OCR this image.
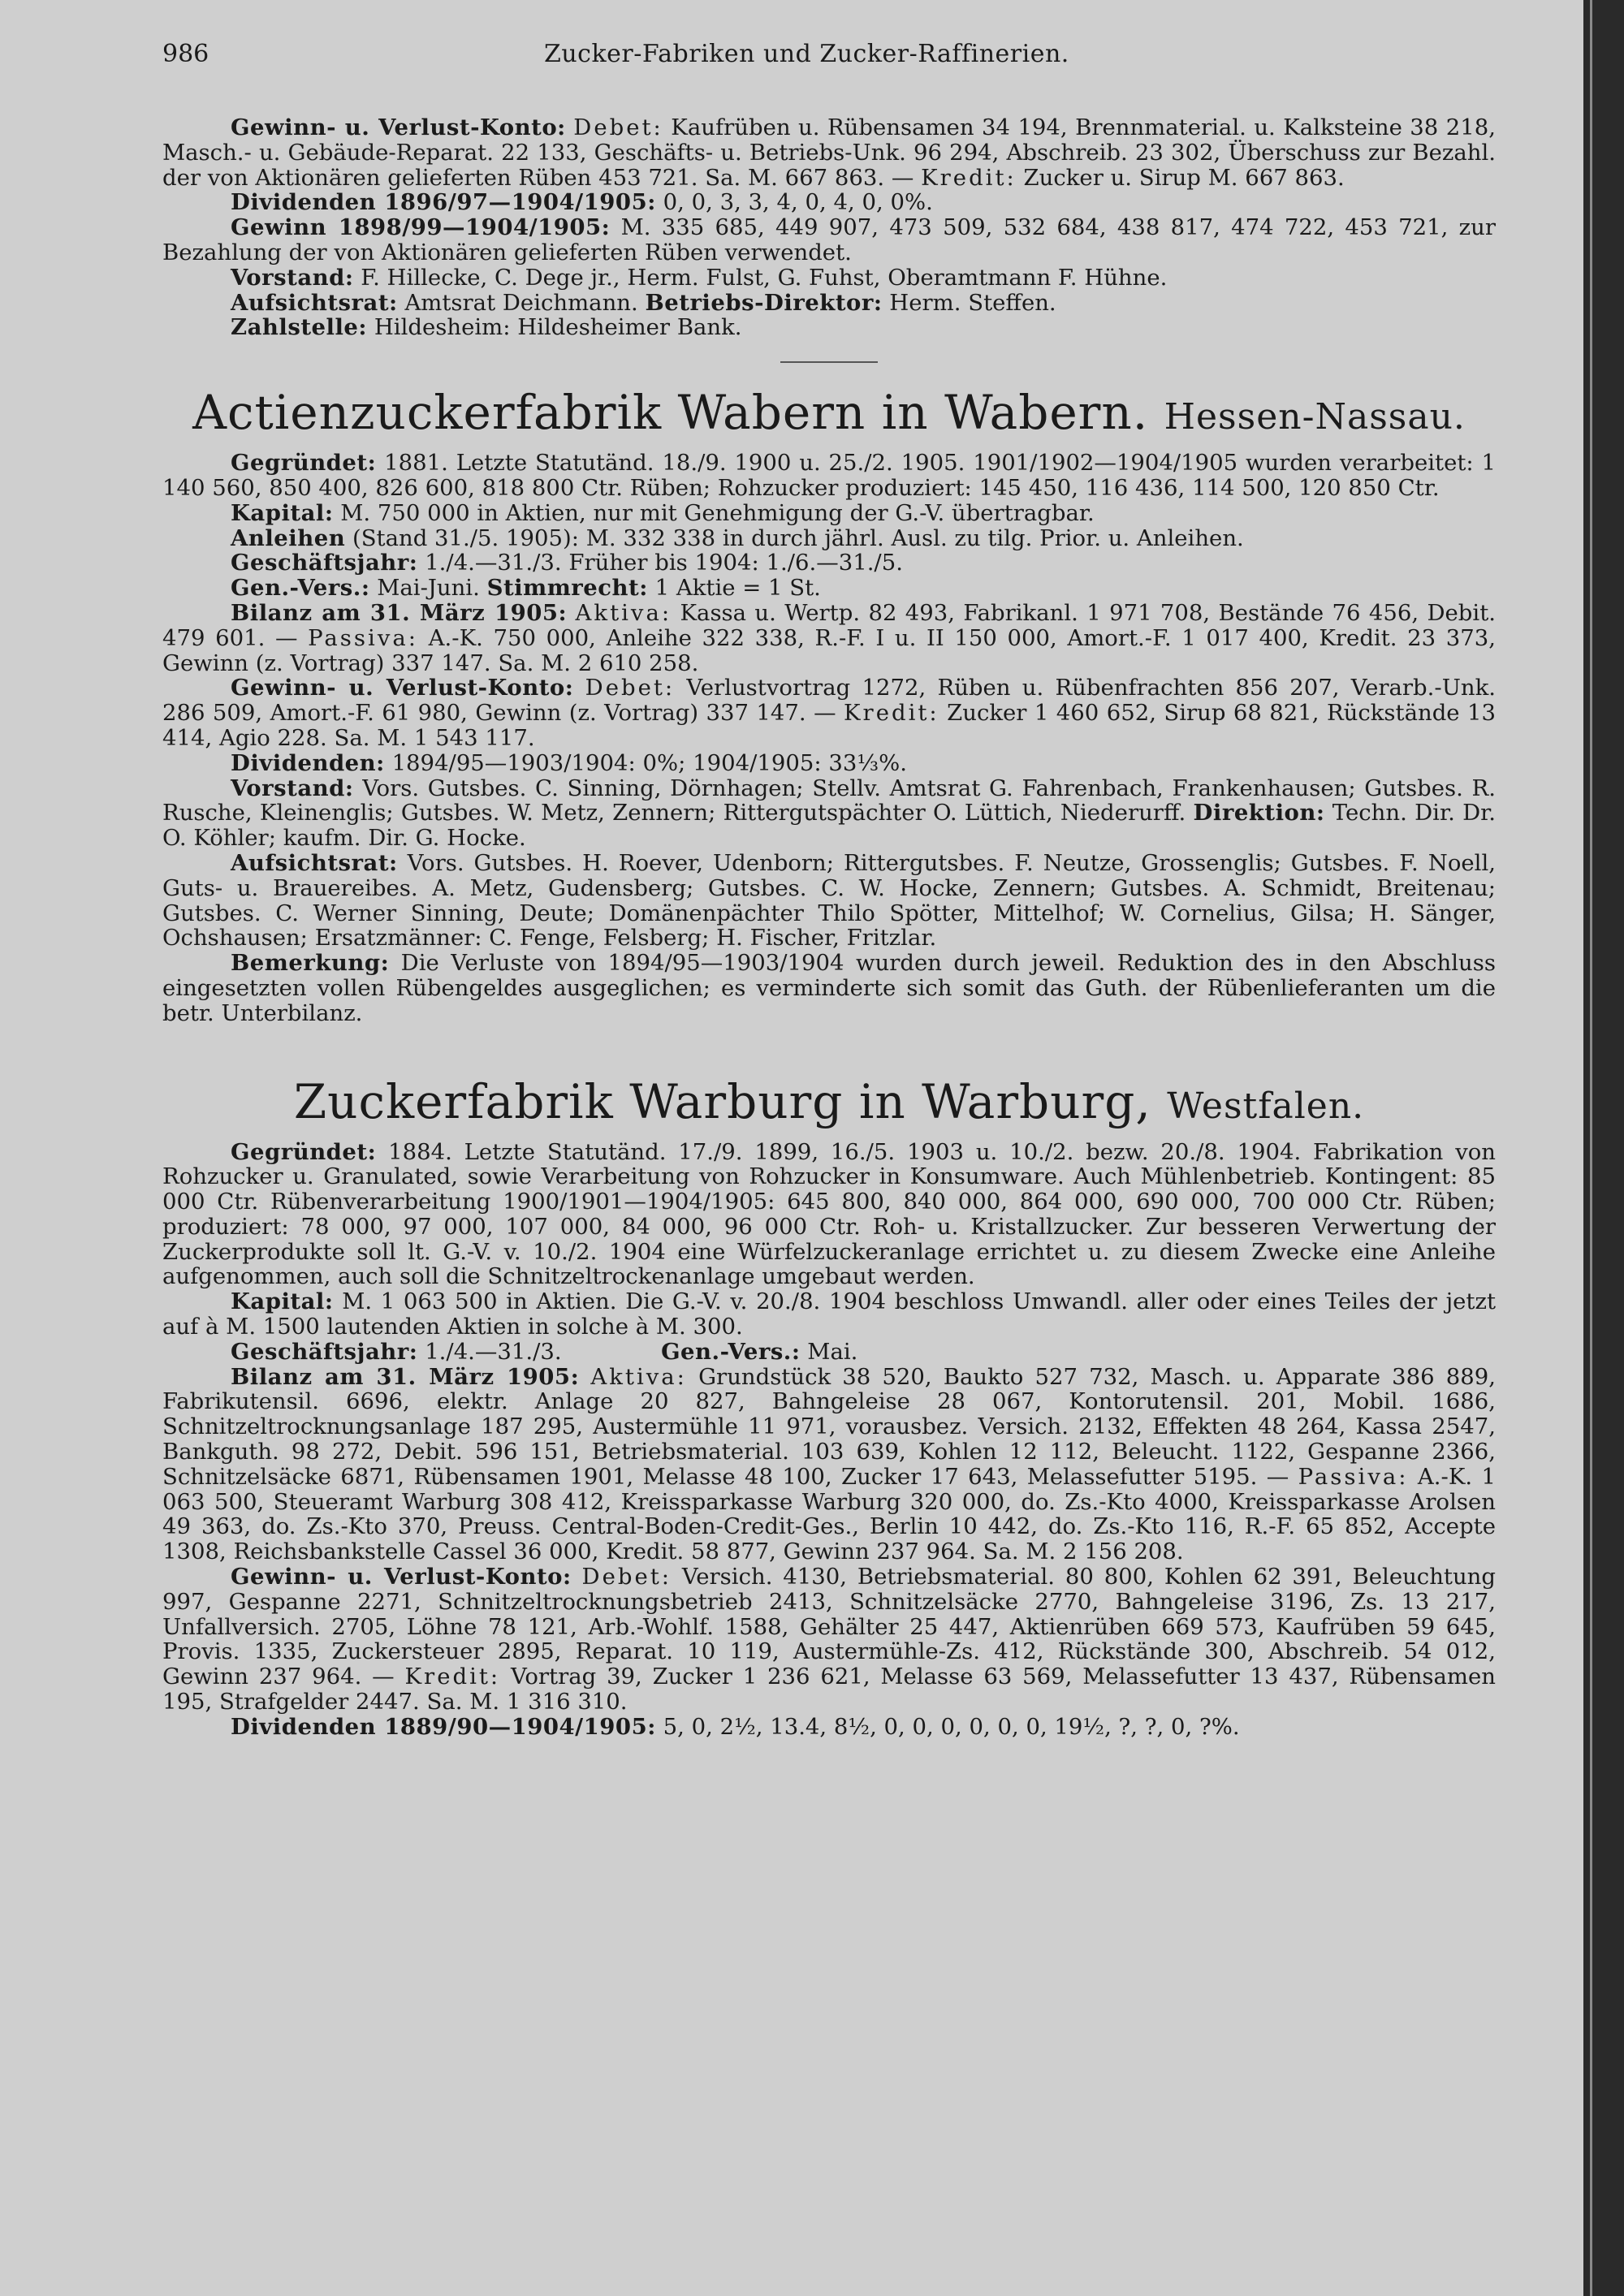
986	Zucker-Fabriken und Zucker-Raffinerien.

Gewinn- u. Verlust-Konto: Debet: Kaufrüben u. Rübensamen 34 194, Brennmaterial. u. Kalksteine 38 218, Masch.- u. Gebäude-Reparat. 22 133, Geschäfts- u. Betriebs-Unk. 96 294, Abschreib. 23 302, Überschuss zur Bezahl. der von Aktionären gelieferten Rüben 453 721. Sa. M. 667 863. — Kredit: Zucker u. Sirup M. 667 863.

Dividenden 1896/97—1904/1905: 0, 0, 3, 3, 4, 0, 4, 0, 0%.

Gewinn 1898/99—1904/1905: M. 335 685, 449 907, 473 509, 532 684, 438 817, 474 722, 453 721, zur Bezahlung der von Aktionären gelieferten Rüben verwendet.

Vorstand: F. Hillecke, C. Dege jr., Herm. Fulst, G. Fuhst, Oberamtmann F. Hühne.

Aufsichtsrat: Amtsrat Deichmann. Betriebs-Direktor: Herm. Steffen.

Zahlstelle: Hildesheim: Hildesheimer Bank.

Actienzuckerfabrik Wabern in Wabern. Hessen-Nassau.

Gegründet: 1881. Letzte Statutänd. 18./9. 1900 u. 25./2. 1905. 1901/1902—1904/1905 wurden verarbeitet: 1 140 560, 850 400, 826 600, 818 800 Ctr. Rüben; Rohzucker produziert: 145 450, 116 436, 114 500, 120 850 Ctr.

Kapital: M. 750 000 in Aktien, nur mit Genehmigung der G.-V. übertragbar.

Anleihen (Stand 31./5. 1905): M. 332 338 in durch jährl. Ausl. zu tilg. Prior. u. Anleihen.

Geschäftsjahr: 1./4.—31./3. Früher bis 1904: 1./6.—31./5.

Gen.-Vers.: Mai-Juni. Stimmrecht: 1 Aktie = 1 St.

Bilanz am 31. März 1905: Aktiva: Kassa u. Wertp. 82 493, Fabrikanl. 1 971 708, Bestände 76 456, Debit. 479 601. — Passiva: A.-K. 750 000, Anleihe 322 338, R.-F. I u. II 150 000, Amort.-F. 1 017 400, Kredit. 23 373, Gewinn (z. Vortrag) 337 147. Sa. M. 2 610 258.

Gewinn- u. Verlust-Konto: Debet: Verlustvortrag 1272, Rüben u. Rübenfrachten 856 207, Verarb.-Unk. 286 509, Amort.-F. 61 980, Gewinn (z. Vortrag) 337 147. — Kredit: Zucker 1 460 652, Sirup 68 821, Rückstände 13 414, Agio 228. Sa. M. 1 543 117.

Dividenden: 1894/95—1903/1904: 0%; 1904/1905: 33⅓%.

Vorstand: Vors. Gutsbes. C. Sinning, Dörnhagen; Stellv. Amtsrat G. Fahrenbach, Frankenhausen; Gutsbes. R. Rusche, Kleinenglis; Gutsbes. W. Metz, Zennern; Rittergutspächter O. Lüttich, Niederurff. Direktion: Techn. Dir. Dr. O. Köhler; kaufm. Dir. G. Hocke.

Aufsichtsrat: Vors. Gutsbes. H. Roever, Udenborn; Rittergutsbes. F. Neutze, Grossenglis; Gutsbes. F. Noell, Guts- u. Brauereibes. A. Metz, Gudensberg; Gutsbes. C. W. Hocke, Zennern; Gutsbes. A. Schmidt, Breitenau; Gutsbes. C. Werner Sinning, Deute; Domänenpächter Thilo Spötter, Mittelhof; W. Cornelius, Gilsa; H. Sänger, Ochshausen; Ersatzmänner: C. Fenge, Felsberg; H. Fischer, Fritzlar.

Bemerkung: Die Verluste von 1894/95—1903/1904 wurden durch jeweil. Reduktion des in den Abschluss eingesetzten vollen Rübengeldes ausgeglichen; es verminderte sich somit das Guth. der Rübenlieferanten um die betr. Unterbilanz.

Zuckerfabrik Warburg in Warburg, Westfalen.

Gegründet: 1884. Letzte Statutänd. 17./9. 1899, 16./5. 1903 u. 10./2. bezw. 20./8. 1904. Fabrikation von Rohzucker u. Granulated, sowie Verarbeitung von Rohzucker in Konsumware. Auch Mühlenbetrieb. Kontingent: 85 000 Ctr. Rübenverarbeitung 1900/1901—1904/1905: 645 800, 840 000, 864 000, 690 000, 700 000 Ctr. Rüben; produziert: 78 000, 97 000, 107 000, 84 000, 96 000 Ctr. Roh- u. Kristallzucker. Zur besseren Verwertung der Zuckerprodukte soll lt. G.-V. v. 10./2. 1904 eine Würfelzuckeranlage errichtet u. zu diesem Zwecke eine Anleihe aufgenommen, auch soll die Schnitzeltrockenanlage umgebaut werden.

Kapital: M. 1 063 500 in Aktien. Die G.-V. v. 20./8. 1904 beschloss Umwandl. aller oder eines Teiles der jetzt auf à M. 1500 lautenden Aktien in solche à M. 300.

Geschäftsjahr: 1./4.—31./3.	Gen.-Vers.: Mai.

Bilanz am 31. März 1905: Aktiva: Grundstück 38 520, Baukto 527 732, Masch. u. Apparate 386 889, Fabrikutensil. 6696, elektr. Anlage 20 827, Bahngeleise 28 067, Kontorutensil. 201, Mobil. 1686, Schnitzeltrocknungsanlage 187 295, Austermühle 11 971, vorausbez. Versich. 2132, Effekten 48 264, Kassa 2547, Bankguth. 98 272, Debit. 596 151, Betriebsmaterial. 103 639, Kohlen 12 112, Beleucht. 1122, Gespanne 2366, Schnitzelsäcke 6871, Rübensamen 1901, Melasse 48 100, Zucker 17 643, Melassefutter 5195. — Passiva: A.-K. 1 063 500, Steueramt Warburg 308 412, Kreissparkasse Warburg 320 000, do. Zs.-Kto 4000, Kreissparkasse Arolsen 49 363, do. Zs.-Kto 370, Preuss. Central-Boden-Credit-Ges., Berlin 10 442, do. Zs.-Kto 116, R.-F. 65 852, Accepte 1308, Reichsbankstelle Cassel 36 000, Kredit. 58 877, Gewinn 237 964. Sa. M. 2 156 208.

Gewinn- u. Verlust-Konto: Debet: Versich. 4130, Betriebsmaterial. 80 800, Kohlen 62 391, Beleuchtung 997, Gespanne 2271, Schnitzeltrocknungsbetrieb 2413, Schnitzelsäcke 2770, Bahngeleise 3196, Zs. 13 217, Unfallversich. 2705, Löhne 78 121, Arb.-Wohlf. 1588, Gehälter 25 447, Aktienrüben 669 573, Kaufrüben 59 645, Provis. 1335, Zuckersteuer 2895, Reparat. 10 119, Austermühle-Zs. 412, Rückstände 300, Abschreib. 54 012, Gewinn 237 964. — Kredit: Vortrag 39, Zucker 1 236 621, Melasse 63 569, Melassefutter 13 437, Rübensamen 195, Strafgelder 2447. Sa. M. 1 316 310.

Dividenden 1889/90—1904/1905: 5, 0, 2½, 13.4, 8½, 0, 0, 0, 0, 0, 0, 19½, ?, ?, 0, ?%.
